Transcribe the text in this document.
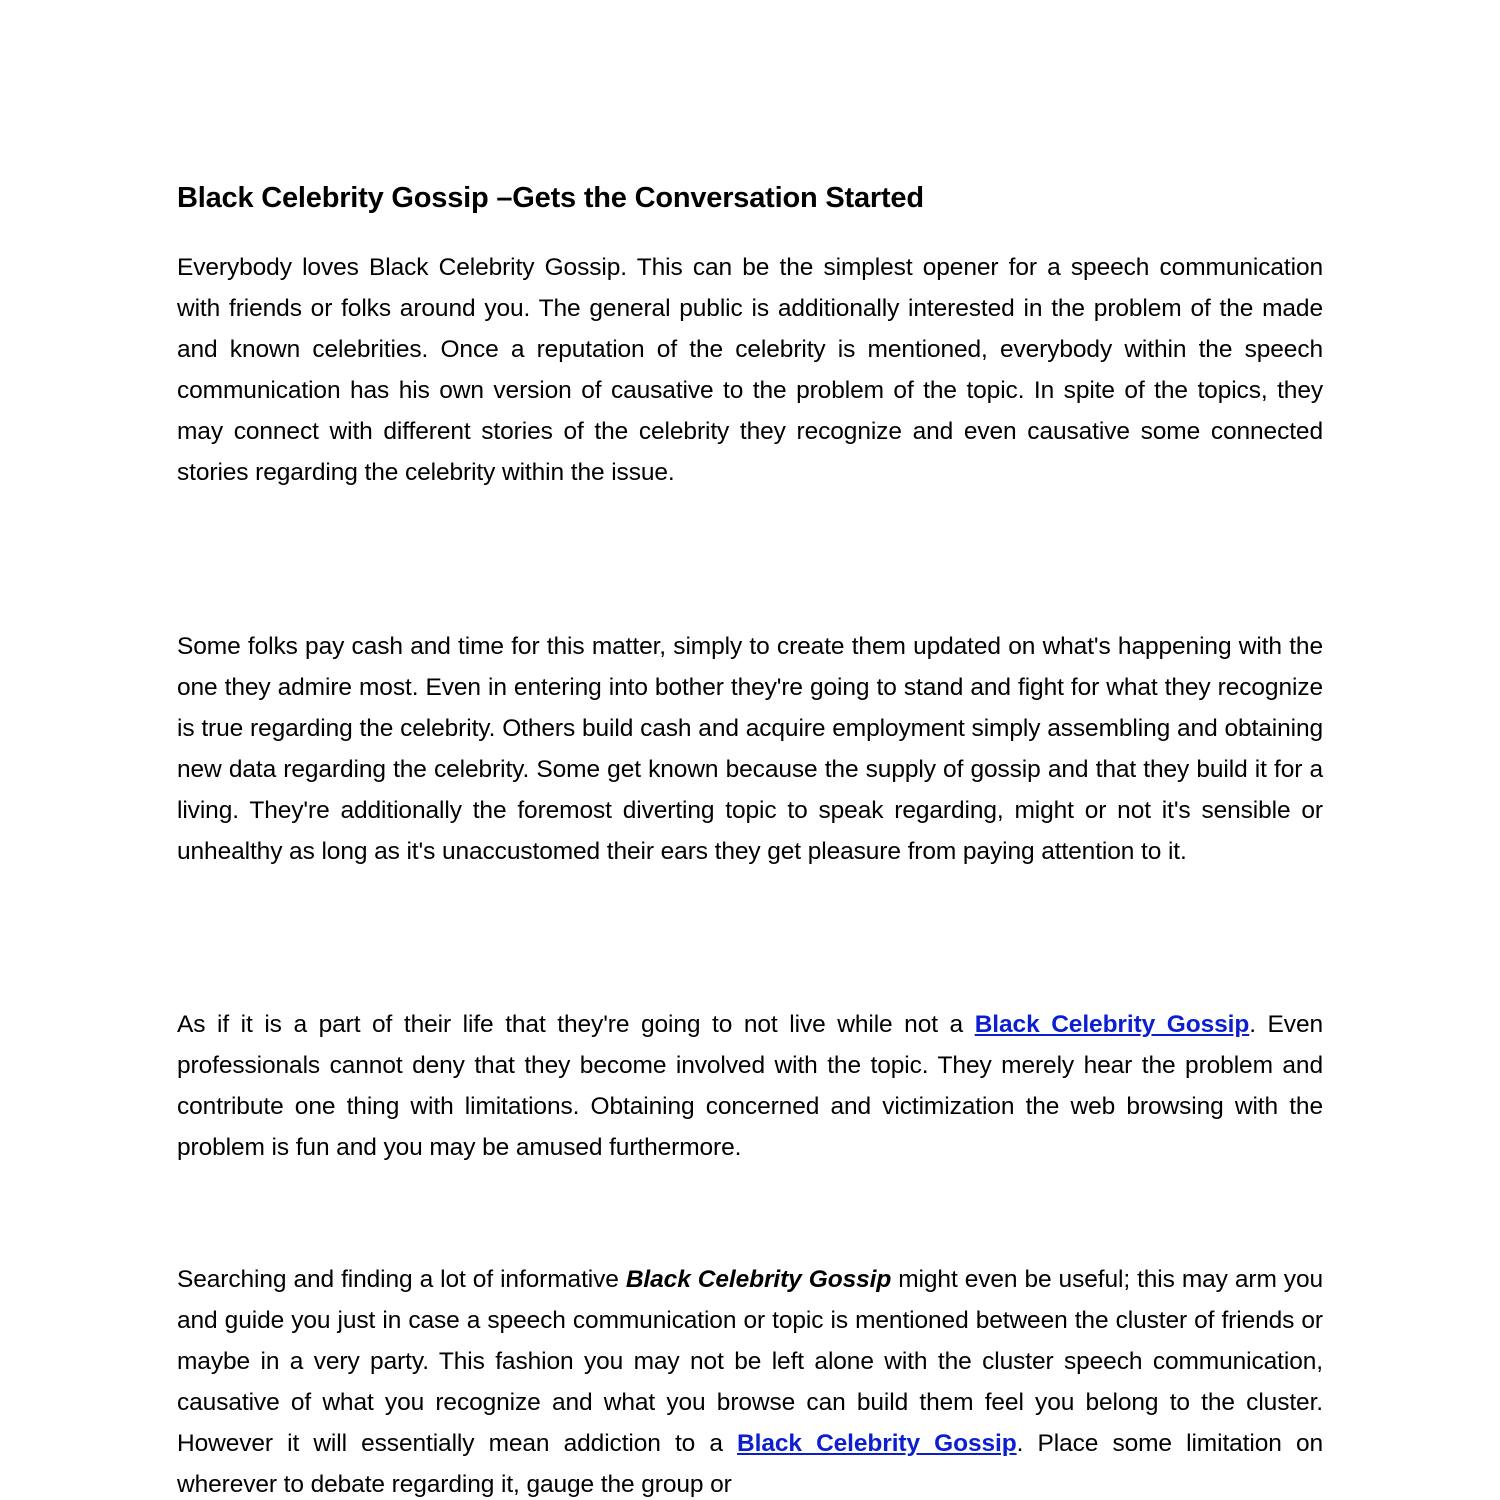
Black Celebrity Gossip –Gets the Conversation Started

Everybody loves Black Celebrity Gossip. This can be the simplest opener for a speech communication with friends or folks around you. The general public is additionally interested in the problem of the made and known celebrities. Once a reputation of the celebrity is mentioned, everybody within the speech communication has his own version of causative to the problem of the topic. In spite of the topics, they may connect with different stories of the celebrity they recognize and even causative some connected stories regarding the celebrity within the issue.

Some folks pay cash and time for this matter, simply to create them updated on what's happening with the one they admire most. Even in entering into bother they're going to stand and fight for what they recognize is true regarding the celebrity. Others build cash and acquire employment simply assembling and obtaining new data regarding the celebrity. Some get known because the supply of gossip and that they build it for a living. They're additionally the foremost diverting topic to speak regarding, might or not it's sensible or unhealthy as long as it's unaccustomed their ears they get pleasure from paying attention to it.

As if it is a part of their life that they're going to not live while not a Black Celebrity Gossip. Even professionals cannot deny that they become involved with the topic. They merely hear the problem and contribute one thing with limitations. Obtaining concerned and victimization the web browsing with the problem is fun and you may be amused furthermore.

Searching and finding a lot of informative Black Celebrity Gossip might even be useful; this may arm you and guide you just in case a speech communication or topic is mentioned between the cluster of friends or maybe in a very party. This fashion you may not be left alone with the cluster speech communication, causative of what you recognize and what you browse can build them feel you belong to the cluster. However it will essentially mean addiction to a Black Celebrity Gossip. Place some limitation on wherever to debate regarding it, gauge the group or
